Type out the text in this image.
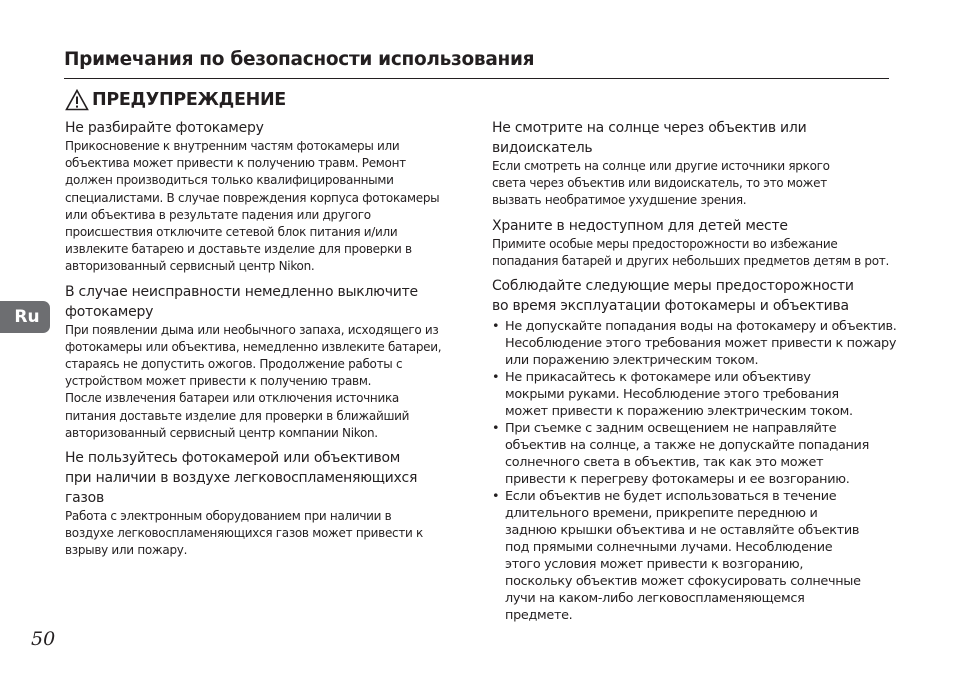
Примечания по безопасности использования
ПРЕДУПРЕЖДЕНИЕ
Не разбирайте фотокамеру
Прикосновение к внутренним частям фотокамеры или
объектива может привести к получению травм. Ремонт
должен производиться только квалифицированными
специалистами. В случае повреждения корпуса фотокамеры
или объектива в результате падения или другого
происшествия отключите сетевой блок питания и/или
извлеките батарею и доставьте изделие для проверки в
авторизованный сервисный центр Nikon.
В случае неисправности немедленно выключите
фотокамеру
При появлении дыма или необычного запаха, исходящего из
фотокамеры или объектива, немедленно извлеките батареи,
стараясь не допустить ожогов. Продолжение работы с
устройством может привести к получению травм.
После извлечения батареи или отключения источника
питания доставьте изделие для проверки в ближайший
авторизованный сервисный центр компании Nikon.
Не пользуйтесь фотокамерой или объективом
при наличии в воздухе легковоспламеняющихся
газов
Работа с электронным оборудованием при наличии в
воздухе легковоспламеняющихся газов может привести к
взрыву или пожару.
Не смотрите на солнце через объектив или
видоискатель
Если смотреть на солнце или другие источники яркого
света через объектив или видоискатель, то это может
вызвать необратимое ухудшение зрения.
Храните в недоступном для детей месте
Примите особые меры предосторожности во избежание
попадания батарей и других небольших предметов детям в рот.
Соблюдайте следующие меры предосторожности
во время эксплуатации фотокамеры и объектива
• Не допускайте попадания воды на фотокамеру и объектив.
Несоблюдение этого требования может привести к пожару
или поражению электрическим током.
• Не прикасайтесь к фотокамере или объективу
мокрыми руками. Несоблюдение этого требования
может привести к поражению электрическим током.
• При съемке с задним освещением не направляйте
объектив на солнце, а также не допускайте попадания
солнечного света в объектив, так как это может
привести к перегреву фотокамеры и ее возгоранию.
• Если объектив не будет использоваться в течение
длительного времени, прикрепите переднюю и
заднюю крышки объектива и не оставляйте объектив
под прямыми солнечными лучами. Несоблюдение
этого условия может привести к возгоранию,
поскольку объектив может сфокусировать солнечные
лучи на каком-либо легковоспламеняющемся
предмете.
Ru
50
